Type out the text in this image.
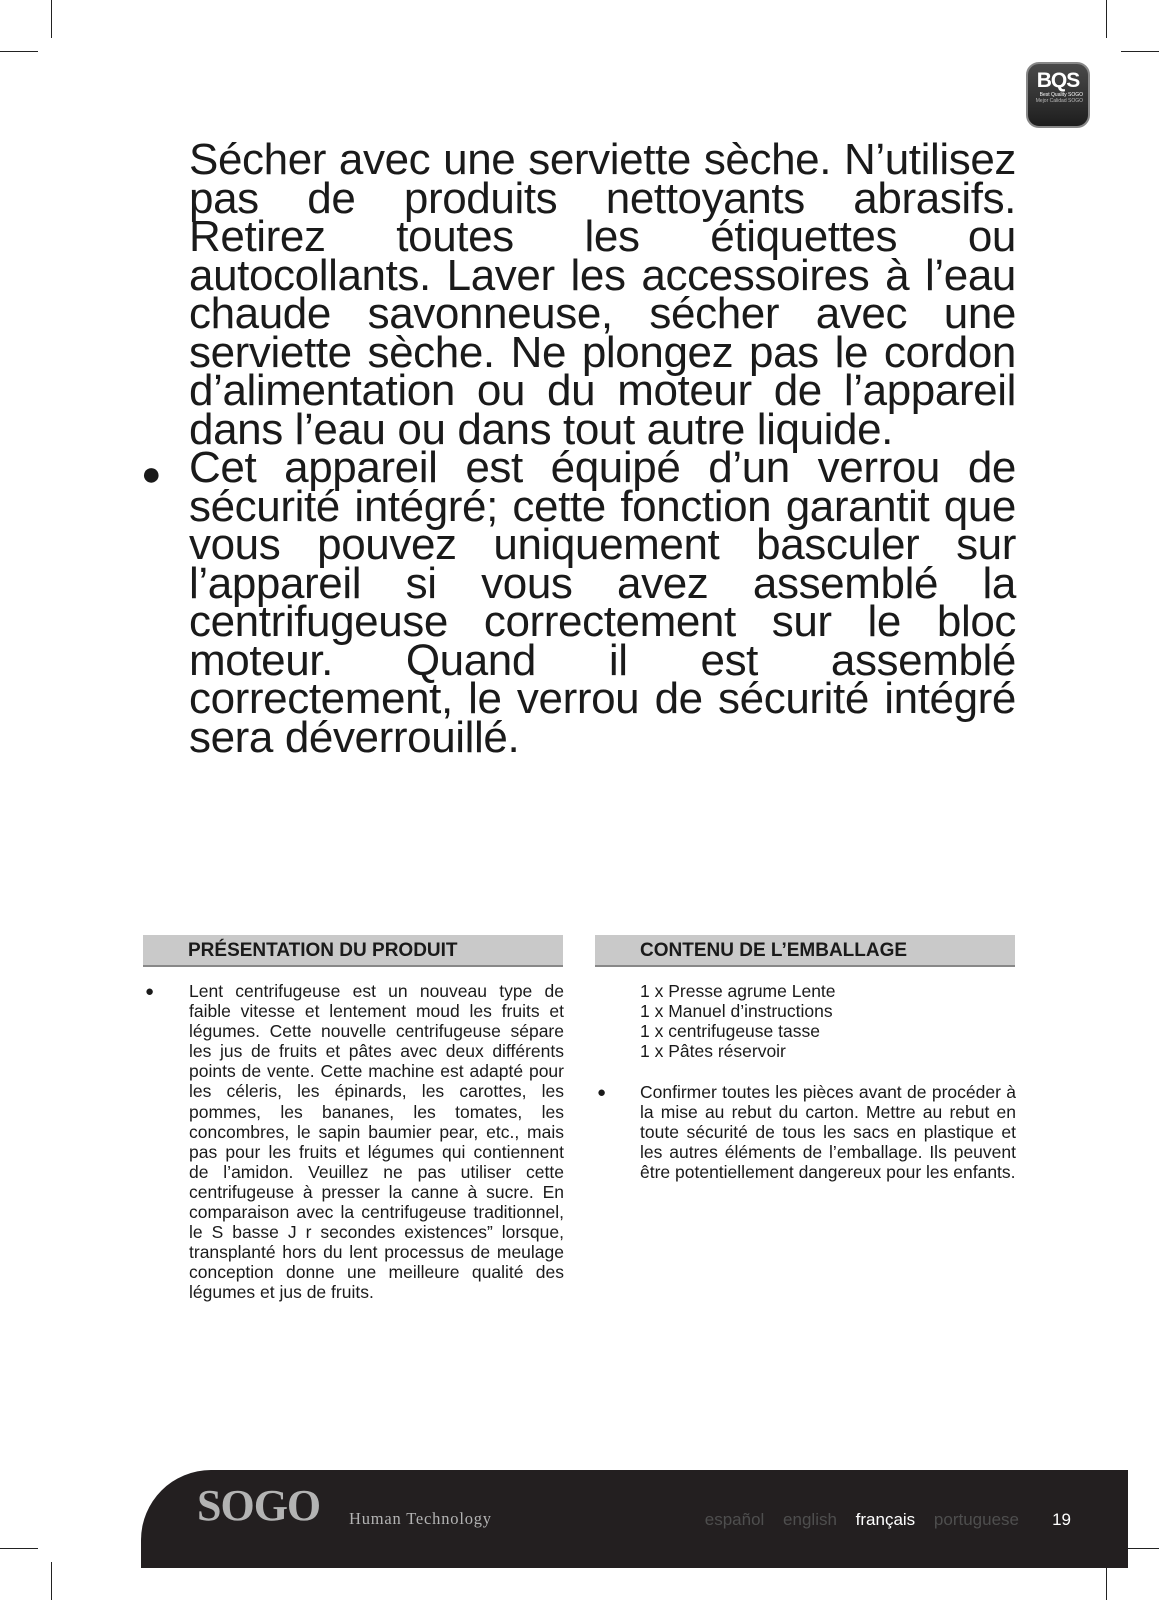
BQS
Best Quality SOGO
Mejor Calidad SOGO
Sécher avec une serviette sèche. N’utilisez pas de produits nettoyants abrasifs. Retirez toutes les étiquettes ou autocollants. Laver les accessoires à l’eau chaude savonneuse, sécher avec une serviette sèche. Ne plongez pas le cordon d’alimentation ou du moteur de l’appareil dans l’eau ou dans tout autre liquide.
● Cet appareil est équipé d’un verrou de sécurité intégré; cette fonction garantit que vous pouvez uniquement basculer sur l’appareil si vous avez assemblé la centrifugeuse correctement sur le bloc moteur. Quand il est assemblé correctement, le verrou de sécurité intégré sera déverrouillé.
PRÉSENTATION DU PRODUIT
● Lent centrifugeuse est un nouveau type de faible vitesse et lentement moud les fruits et légumes. Cette nouvelle centrifugeuse sépare les jus de fruits et pâtes avec deux différents points de vente. Cette machine est adapté pour les céleris, les épinards, les carottes, les pommes, les bananes, les tomates, les concombres, le sapin baumier pear, etc., mais pas pour les fruits et légumes qui contiennent de l’amidon. Veuillez ne pas utiliser cette centrifugeuse à presser la canne à sucre. En comparaison avec la centrifugeuse traditionnel, le S basse J r secondes existences” lorsque, transplanté hors du lent processus de meulage conception donne une meilleure qualité des légumes et jus de fruits.
CONTENU DE L’EMBALLAGE
1 x Presse agrume Lente
1 x Manuel d’instructions
1 x centrifugeuse tasse
1 x Pâtes réservoir
● Confirmer toutes les pièces avant de procéder à la mise au rebut du carton. Mettre au rebut en toute sécurité de tous les sacs en plastique et les autres éléments de l’emballage. Ils peuvent être potentiellement dangereux pour les enfants.
SOGO Human Technology	español english français portuguese 19
